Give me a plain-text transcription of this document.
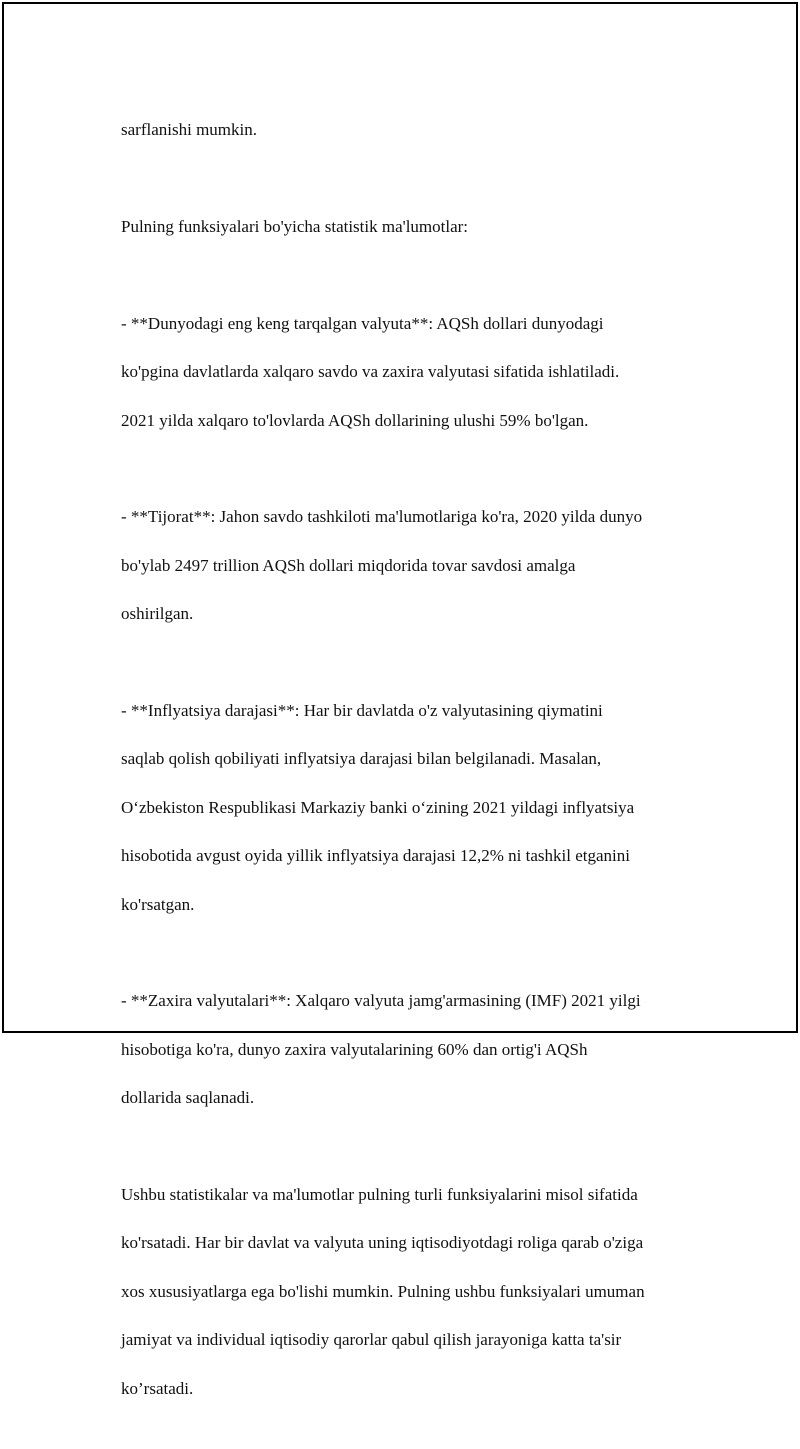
sarflanishi mumkin.

Pulning funksiyalari bo'yicha statistik ma'lumotlar:

- **Dunyodagi eng keng tarqalgan valyuta**: AQSh dollari dunyodagi

ko'pgina davlatlarda xalqaro savdo va zaxira valyutasi sifatida ishlatiladi.

2021 yilda xalqaro to'lovlarda AQSh dollarining ulushi 59% bo'lgan.

- **Tijorat**: Jahon savdo tashkiloti ma'lumotlariga ko'ra, 2020 yilda dunyo

bo'ylab 2497 trillion AQSh dollari miqdorida tovar savdosi amalga

oshirilgan.

- **Inflyatsiya darajasi**: Har bir davlatda o'z valyutasining qiymatini

saqlab qolish qobiliyati inflyatsiya darajasi bilan belgilanadi. Masalan,

O‘zbekiston Respublikasi Markaziy banki o‘zining 2021 yildagi inflyatsiya

hisobotida avgust oyida yillik inflyatsiya darajasi 12,2% ni tashkil etganini

ko'rsatgan.

- **Zaxira valyutalari**: Xalqaro valyuta jamg'armasining (IMF) 2021 yilgi

hisobotiga ko'ra, dunyo zaxira valyutalarining 60% dan ortig'i AQSh

dollarida saqlanadi.

Ushbu statistikalar va ma'lumotlar pulning turli funksiyalarini misol sifatida

ko'rsatadi. Har bir davlat va valyuta uning iqtisodiyotdagi roliga qarab o'ziga

xos xususiyatlarga ega bo'lishi mumkin. Pulning ushbu funksiyalari umuman

jamiyat va individual iqtisodiy qarorlar qabul qilish jarayoniga katta ta'sir

ko’rsatadi.
